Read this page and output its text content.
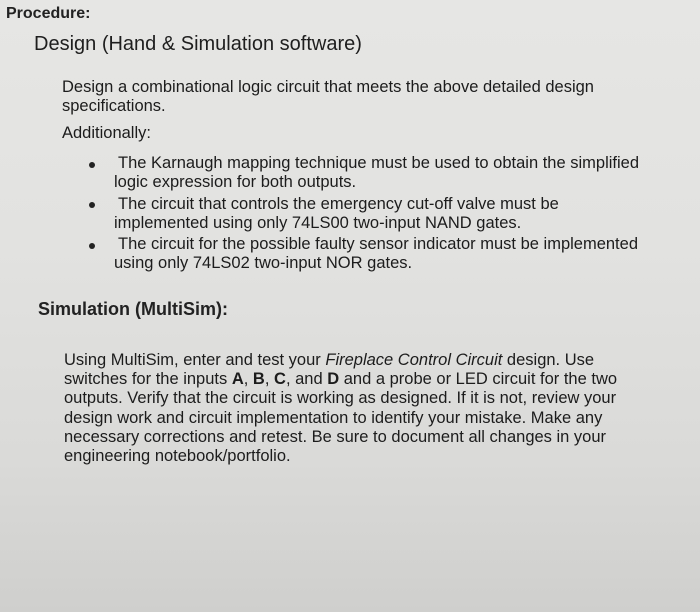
Procedure:
Design (Hand & Simulation software)
Design a combinational logic circuit that meets the above detailed design specifications.
Additionally:
The Karnaugh mapping technique must be used to obtain the simplified
logic expression for both outputs.
The circuit that controls the emergency cut-off valve must be
implemented using only 74LS00 two-input NAND gates.
The circuit for the possible faulty sensor indicator must be implemented
using only 74LS02 two-input NOR gates.
Simulation (MultiSim):
Using MultiSim, enter and test your Fireplace Control Circuit design. Use switches for the inputs A, B, C, and D and a probe or LED circuit for the two outputs. Verify that the circuit is working as designed. If it is not, review your design work and circuit implementation to identify your mistake. Make any necessary corrections and retest. Be sure to document all changes in your engineering notebook/portfolio.
